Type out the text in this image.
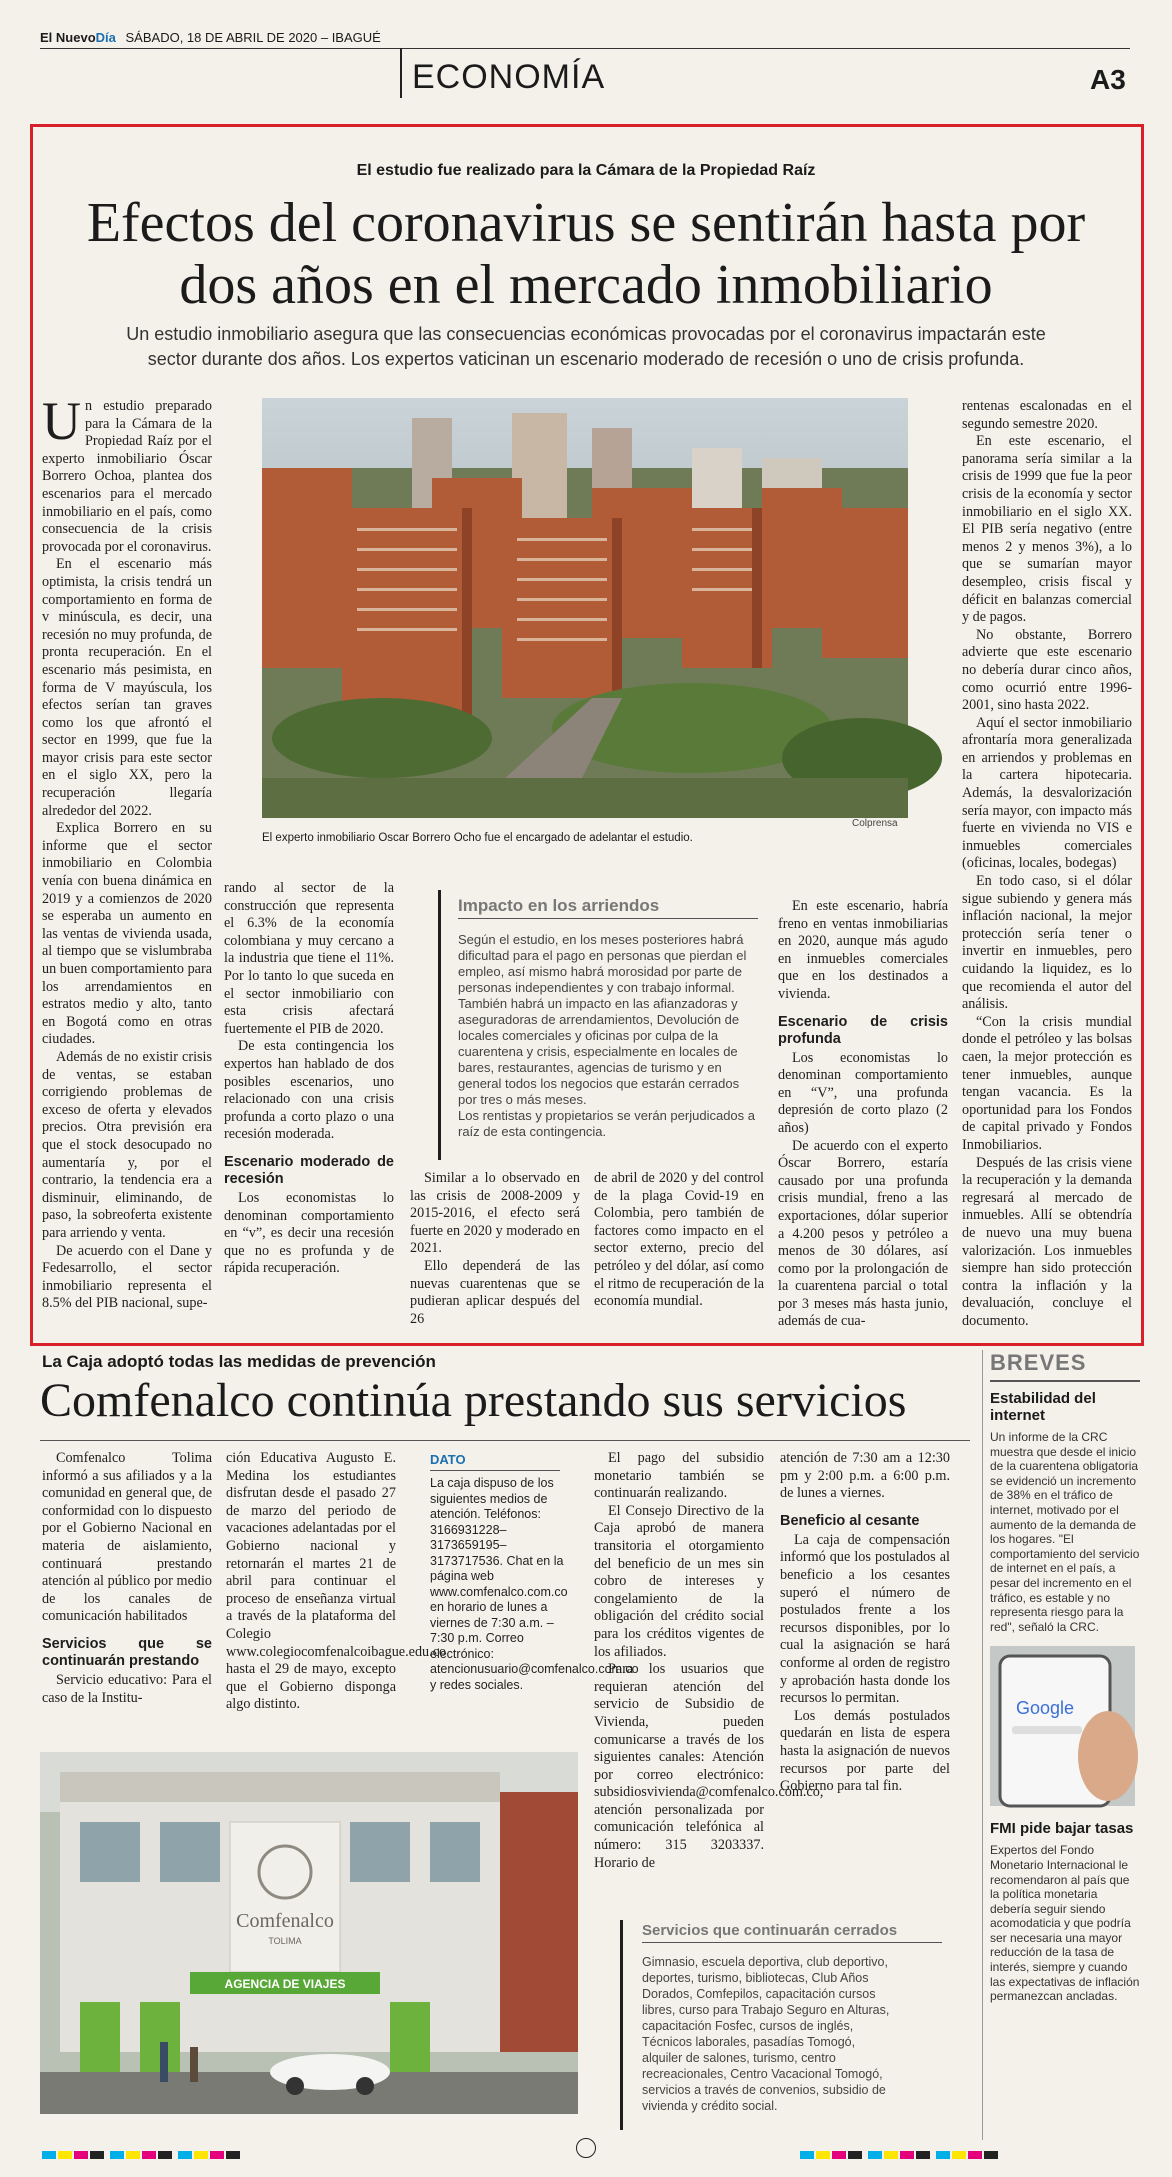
El NuevoDía SÁBADO, 18 DE ABRIL DE 2020 – IBAGUÉ
ECONOMÍA	A3
El estudio fue realizado para la Cámara de la Propiedad Raíz
Efectos del coronavirus se sentirán hasta por dos años en el mercado inmobiliario
Un estudio inmobiliario asegura que las consecuencias económicas provocadas por el coronavirus impactarán este sector durante dos años. Los expertos vaticinan un escenario moderado de recesión o uno de crisis profunda.

Un estudio preparado para la Cámara de la Propiedad Raíz por el experto inmobiliario Óscar Borrero Ochoa, plantea dos escenarios para el mercado inmobiliario en el país, como consecuencia de la crisis provocada por el coronavirus.

En el escenario más optimista, la crisis tendrá un comportamiento en forma de v minúscula, es decir, una recesión no muy profunda, de pronta recuperación. En el escenario más pesimista, en forma de V mayúscula, los efectos serían tan graves como los que afrontó el sector en 1999, que fue la mayor crisis para este sector en el siglo XX, pero la recuperación llegaría alrededor del 2022.

Explica Borrero en su informe que el sector inmobiliario en Colombia venía con buena dinámica en 2019 y a comienzos de 2020 se esperaba un aumento en las ventas de vivienda usada, al tiempo que se vislumbraba un buen comportamiento para los arrendamientos en estratos medio y alto, tanto en Bogotá como en otras ciudades.

Además de no existir crisis de ventas, se estaban corrigiendo problemas de exceso de oferta y elevados precios. Otra previsión era que el stock desocupado no aumentaría y, por el contrario, la tendencia era a disminuir, eliminando, de paso, la sobreoferta existente para arriendo y venta.

De acuerdo con el Dane y Fedesarrollo, el sector inmobiliario representa el 8.5% del PIB nacional, supe-

El experto inmobiliario Oscar Borrero Ocho fue el encargado de adelantar el estudio.
Colprensa

rando al sector de la construcción que representa el 6.3% de la economía colombiana y muy cercano a la industria que tiene el 11%. Por lo tanto lo que suceda en el sector inmobiliario con esta crisis afectará fuertemente el PIB de 2020.

De esta contingencia los expertos han hablado de dos posibles escenarios, uno relacionado con una crisis profunda a corto plazo o una recesión moderada.

Escenario moderado de recesión

Los economistas lo denominan comportamiento en “v”, es decir una recesión que no es profunda y de rápida recuperación.

Impacto en los arriendos

Según el estudio, en los meses posteriores habrá dificultad para el pago en personas que pierdan el empleo, así mismo habrá morosidad por parte de personas independientes y con trabajo informal. También habrá un impacto en las afianzadoras y aseguradoras de arrendamientos, Devolución de locales comerciales y oficinas por culpa de la cuarentena y crisis, especialmente en locales de bares, restaurantes, agencias de turismo y en general todos los negocios que estarán cerrados por tres o más meses.

Los rentistas y propietarios se verán perjudicados a raíz de esta contingencia.

Similar a lo observado en las crisis de 2008-2009 y 2015-2016, el efecto será fuerte en 2020 y moderado en 2021.

Ello dependerá de las nuevas cuarentenas que se pudieran aplicar después del 26

de abril de 2020 y del control de la plaga Covid-19 en Colombia, pero también de factores como impacto en el sector externo, precio del petróleo y del dólar, así como el ritmo de recuperación de la economía mundial.

En este escenario, habría freno en ventas inmobiliarias en 2020, aunque más agudo en inmuebles comerciales que en los destinados a vivienda.

Escenario de crisis profunda

Los economistas lo denominan comportamiento en “V”, una profunda depresión de corto plazo (2 años)

De acuerdo con el experto Óscar Borrero, estaría causado por una profunda crisis mundial, freno a las exportaciones, dólar superior a 4.200 pesos y petróleo a menos de 30 dólares, así como por la prolongación de la cuarentena parcial o total por 3 meses más hasta junio, además de cua-

rentenas escalonadas en el segundo semestre 2020.

En este escenario, el panorama sería similar a la crisis de 1999 que fue la peor crisis de la economía y sector inmobiliario en el siglo XX. El PIB sería negativo (entre menos 2 y menos 3%), a lo que se sumarían mayor desempleo, crisis fiscal y déficit en balanzas comercial y de pagos.

No obstante, Borrero advierte que este escenario no debería durar cinco años, como ocurrió entre 1996-2001, sino hasta 2022.

Aquí el sector inmobiliario afrontaría mora generalizada en arriendos y problemas en la cartera hipotecaria. Además, la desvalorización sería mayor, con impacto más fuerte en vivienda no VIS e inmuebles comerciales (oficinas, locales, bodegas)

En todo caso, si el dólar sigue subiendo y genera más inflación nacional, la mejor protección sería tener o invertir en inmuebles, pero cuidando la liquidez, es lo que recomienda el autor del análisis.

“Con la crisis mundial donde el petróleo y las bolsas caen, la mejor protección es tener inmuebles, aunque tengan vacancia. Es la oportunidad para los Fondos de capital privado y Fondos Inmobiliarios.

Después de las crisis viene la recuperación y la demanda regresará al mercado de inmuebles. Allí se obtendría de nuevo una muy buena valorización. Los inmuebles siempre han sido protección contra la inflación y la devaluación, concluye el documento.

La Caja adoptó todas las medidas de prevención
Comfenalco continúa prestando sus servicios

Comfenalco Tolima informó a sus afiliados y a la comunidad en general que, de conformidad con lo dispuesto por el Gobierno Nacional en materia de aislamiento, continuará prestando atención al público por medio de los canales de comunicación habilitados

Servicios que se continuarán prestando

Servicio educativo: Para el caso de la Institu-

ción Educativa Augusto E. Medina los estudiantes disfrutan desde el pasado 27 de marzo del periodo de vacaciones adelantadas por el Gobierno nacional y retornarán el martes 21 de abril para continuar el proceso de enseñanza virtual a través de la plataforma del Colegio www.colegiocomfenalcoibague.edu.co hasta el 29 de mayo, excepto que el Gobierno disponga algo distinto.

DATO
La caja dispuso de los siguientes medios de atención. Teléfonos: 3166931228– 3173659195– 3173717536. Chat en la página web www.comfenalco.com.co en horario de lunes a viernes de 7:30 a.m. – 7:30 p.m. Correo electrónico: atencionusuario@comfenalco.com.co y redes sociales.

El pago del subsidio monetario también se continuarán realizando.

El Consejo Directivo de la Caja aprobó de manera transitoria el otorgamiento del beneficio de un mes sin cobro de intereses y congelamiento de la obligación del crédito social para los créditos vigentes de los afiliados.

Para los usuarios que requieran atención del servicio de Subsidio de Vivienda, pueden comunicarse a través de los siguientes canales: Atención por correo electrónico: subsidiosvivienda@comfenalco.com.co, atención personalizada por comunicación telefónica al número: 315 3203337. Horario de

atención de 7:30 am a 12:30 pm y 2:00 p.m. a 6:00 p.m. de lunes a viernes.

Beneficio al cesante

La caja de compensación informó que los postulados al beneficio a los cesantes superó el número de postulados frente a los recursos disponibles, por lo cual la asignación se hará conforme al orden de registro y aprobación hasta donde los recursos lo permitan.

Los demás postulados quedarán en lista de espera hasta la asignación de nuevos recursos por parte del Gobierno para tal fin.

Comfenalco
TOLIMA
AGENCIA DE VIAJES
Servicios que continuarán cerrados
Gimnasio, escuela deportiva, club deportivo, deportes, turismo, bibliotecas, Club Años Dorados, Comfepilos, capacitación cursos libres, curso para Trabajo Seguro en Alturas, capacitación Fosfec, cursos de inglés, Técnicos laborales, pasadías Tomogó, alquiler de salones, turismo, centro recreacionales, Centro Vacacional Tomogó, servicios a través de convenios, subsidio de vivienda y crédito social.
BREVES
Estabilidad del internet
Un informe de la CRC muestra que desde el inicio de la cuarentena obligatoria se evidenció un incremento de 38% en el tráfico de internet, motivado por el aumento de la demanda de los hogares. "El comportamiento del servicio de internet en el país, a pesar del incremento en el tráfico, es estable y no representa riesgo para la red", señaló la CRC.
Google
FMI pide bajar tasas
Expertos del Fondo Monetario Internacional le recomendaron al país que la política monetaria debería seguir siendo acomodaticia y que podría ser necesaria una mayor reducción de la tasa de interés, siempre y cuando las expectativas de inflación permanezcan ancladas.
